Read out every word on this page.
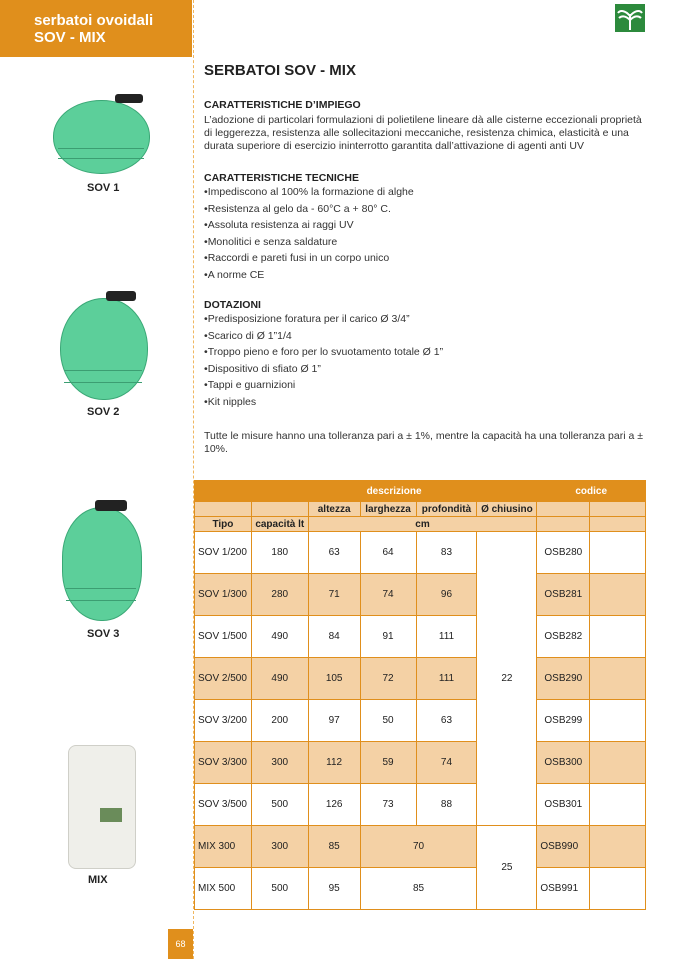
serbatoi ovoidali
SOV - MIX
SOV 1
SOV 2
SOV 3
MIX
SERBATOI SOV - MIX
CARATTERISTICHE D’IMPIEGO

L’adozione di particolari formulazioni di polietilene lineare dà alle cisterne eccezionali proprietà di leggerezza, resistenza alle sollecitazioni meccaniche, resistenza chimica, elasticità e una durata superiore di esercizio ininterrotto garantita dall’attivazione di agenti anti UV

CARATTERISTICHE TECNICHE
• Impediscono al 100% la formazione di alghe
• Resistenza al gelo da - 60°C a + 80° C.
• Assoluta resistenza ai raggi UV
• Monolitici e senza saldature
• Raccordi e pareti fusi in un corpo unico
• A norme CE
DOTAZIONI
• Predisposizione foratura per il carico Ø 3/4”
• Scarico di Ø 1”1/4
• Troppo pieno e foro per lo svuotamento totale Ø 1”
• Dispositivo di sfiato Ø 1”
• Tappi e guarnizioni
• Kit nipples

Tutte le misure hanno una tolleranza pari a ± 1%, mentre la capacità ha una tolleranza pari a ± 10%.

	descrizione					codice	
		altezza	larghezza	profondità	Ø chiusino		
Tipo	capacità lt	cm					
SOV 1/200	180	63	64	83	22	OSB280	
SOV 1/300	280	71	74	96		OSB281	
SOV 1/500	490	84	91	111		OSB282	
SOV 2/500	490	105	72	111		OSB290	
SOV 3/200	200	97	50	63		OSB299	
SOV 3/300	300	112	59	74		OSB300	
SOV 3/500	500	126	73	88		OSB301	
MIX 300	300	85	70		25	OSB990	
MIX 500	500	95	85			OSB991	
68
